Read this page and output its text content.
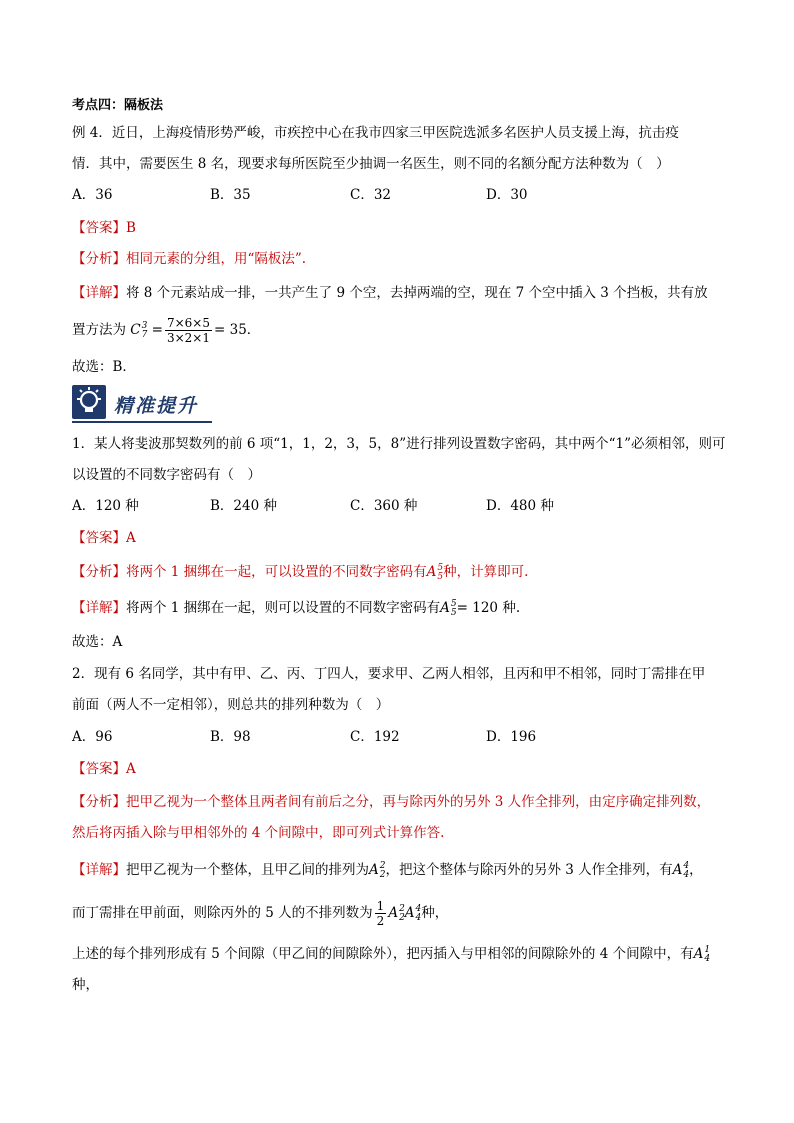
考点四：隔板法
例 4．近日，上海疫情形势严峻，市疾控中心在我市四家三甲医院选派多名医护人员支援上海，抗击疫
情．其中，需要医生 8 名，现要求每所医院至少抽调一名医生，则不同的名额分配方法种数为（　）
A．36	B．35	C．32	D．30
【答案】B
【分析】相同元素的分组，用“隔板法”.
【详解】将 8 个元素站成一排，一共产生了 9 个空，去掉两端的空，现在 7 个空中插入 3 个挡板，共有放
置方法为 C 3
$7 = \frac{7\times 6\times 5}{3\times 2\times 1} = 35$．
故选：B．
精准提升
1．某人将斐波那契数列的前 6 项“1，1，2，3，5，8”进行排列设置数字密码，其中两个“1”必须相邻，则可
以设置的不同数字密码有（　）
A．120 种	B．240 种	C．360 种	D．480 种
【答案】A
【分析】将两个 1 捆绑在一起，可以设置的不同数字密码有A 5
5 种，计算即可.
【详解】将两个 1 捆绑在一起，则可以设置的不同数字密码有A 5
5 = 120 种.
故选：A
2．现有 6 名同学，其中有甲、乙、丙、丁四人，要求甲、乙两人相邻，且丙和甲不相邻，同时丁需排在甲
前面（两人不一定相邻），则总共的排列种数为（　）
A．96	B．98	C．192	D．196
【答案】A
【分析】把甲乙视为一个整体且两者间有前后之分，再与除丙外的另外 3 人作全排列，由定序确定排列数，
然后将丙插入除与甲相邻外的 4 个间隙中，即可列式计算作答.
【详解】把甲乙视为一个整体，且甲乙间的排列为A 2
2 ，把这个整体与除丙外的另外 3 人作全排列，有A 4
4 ，
而丁需排在甲前面，则除丙外的 5 人的不排列数为 $\frac{1}{2}$ A 2
2 A 4
4 种，
上述的每个排列形成有 5 个间隙（甲乙间的间隙除外），把丙插入与甲相邻的间隙除外的 4 个间隙中，有A 1
4
种，
